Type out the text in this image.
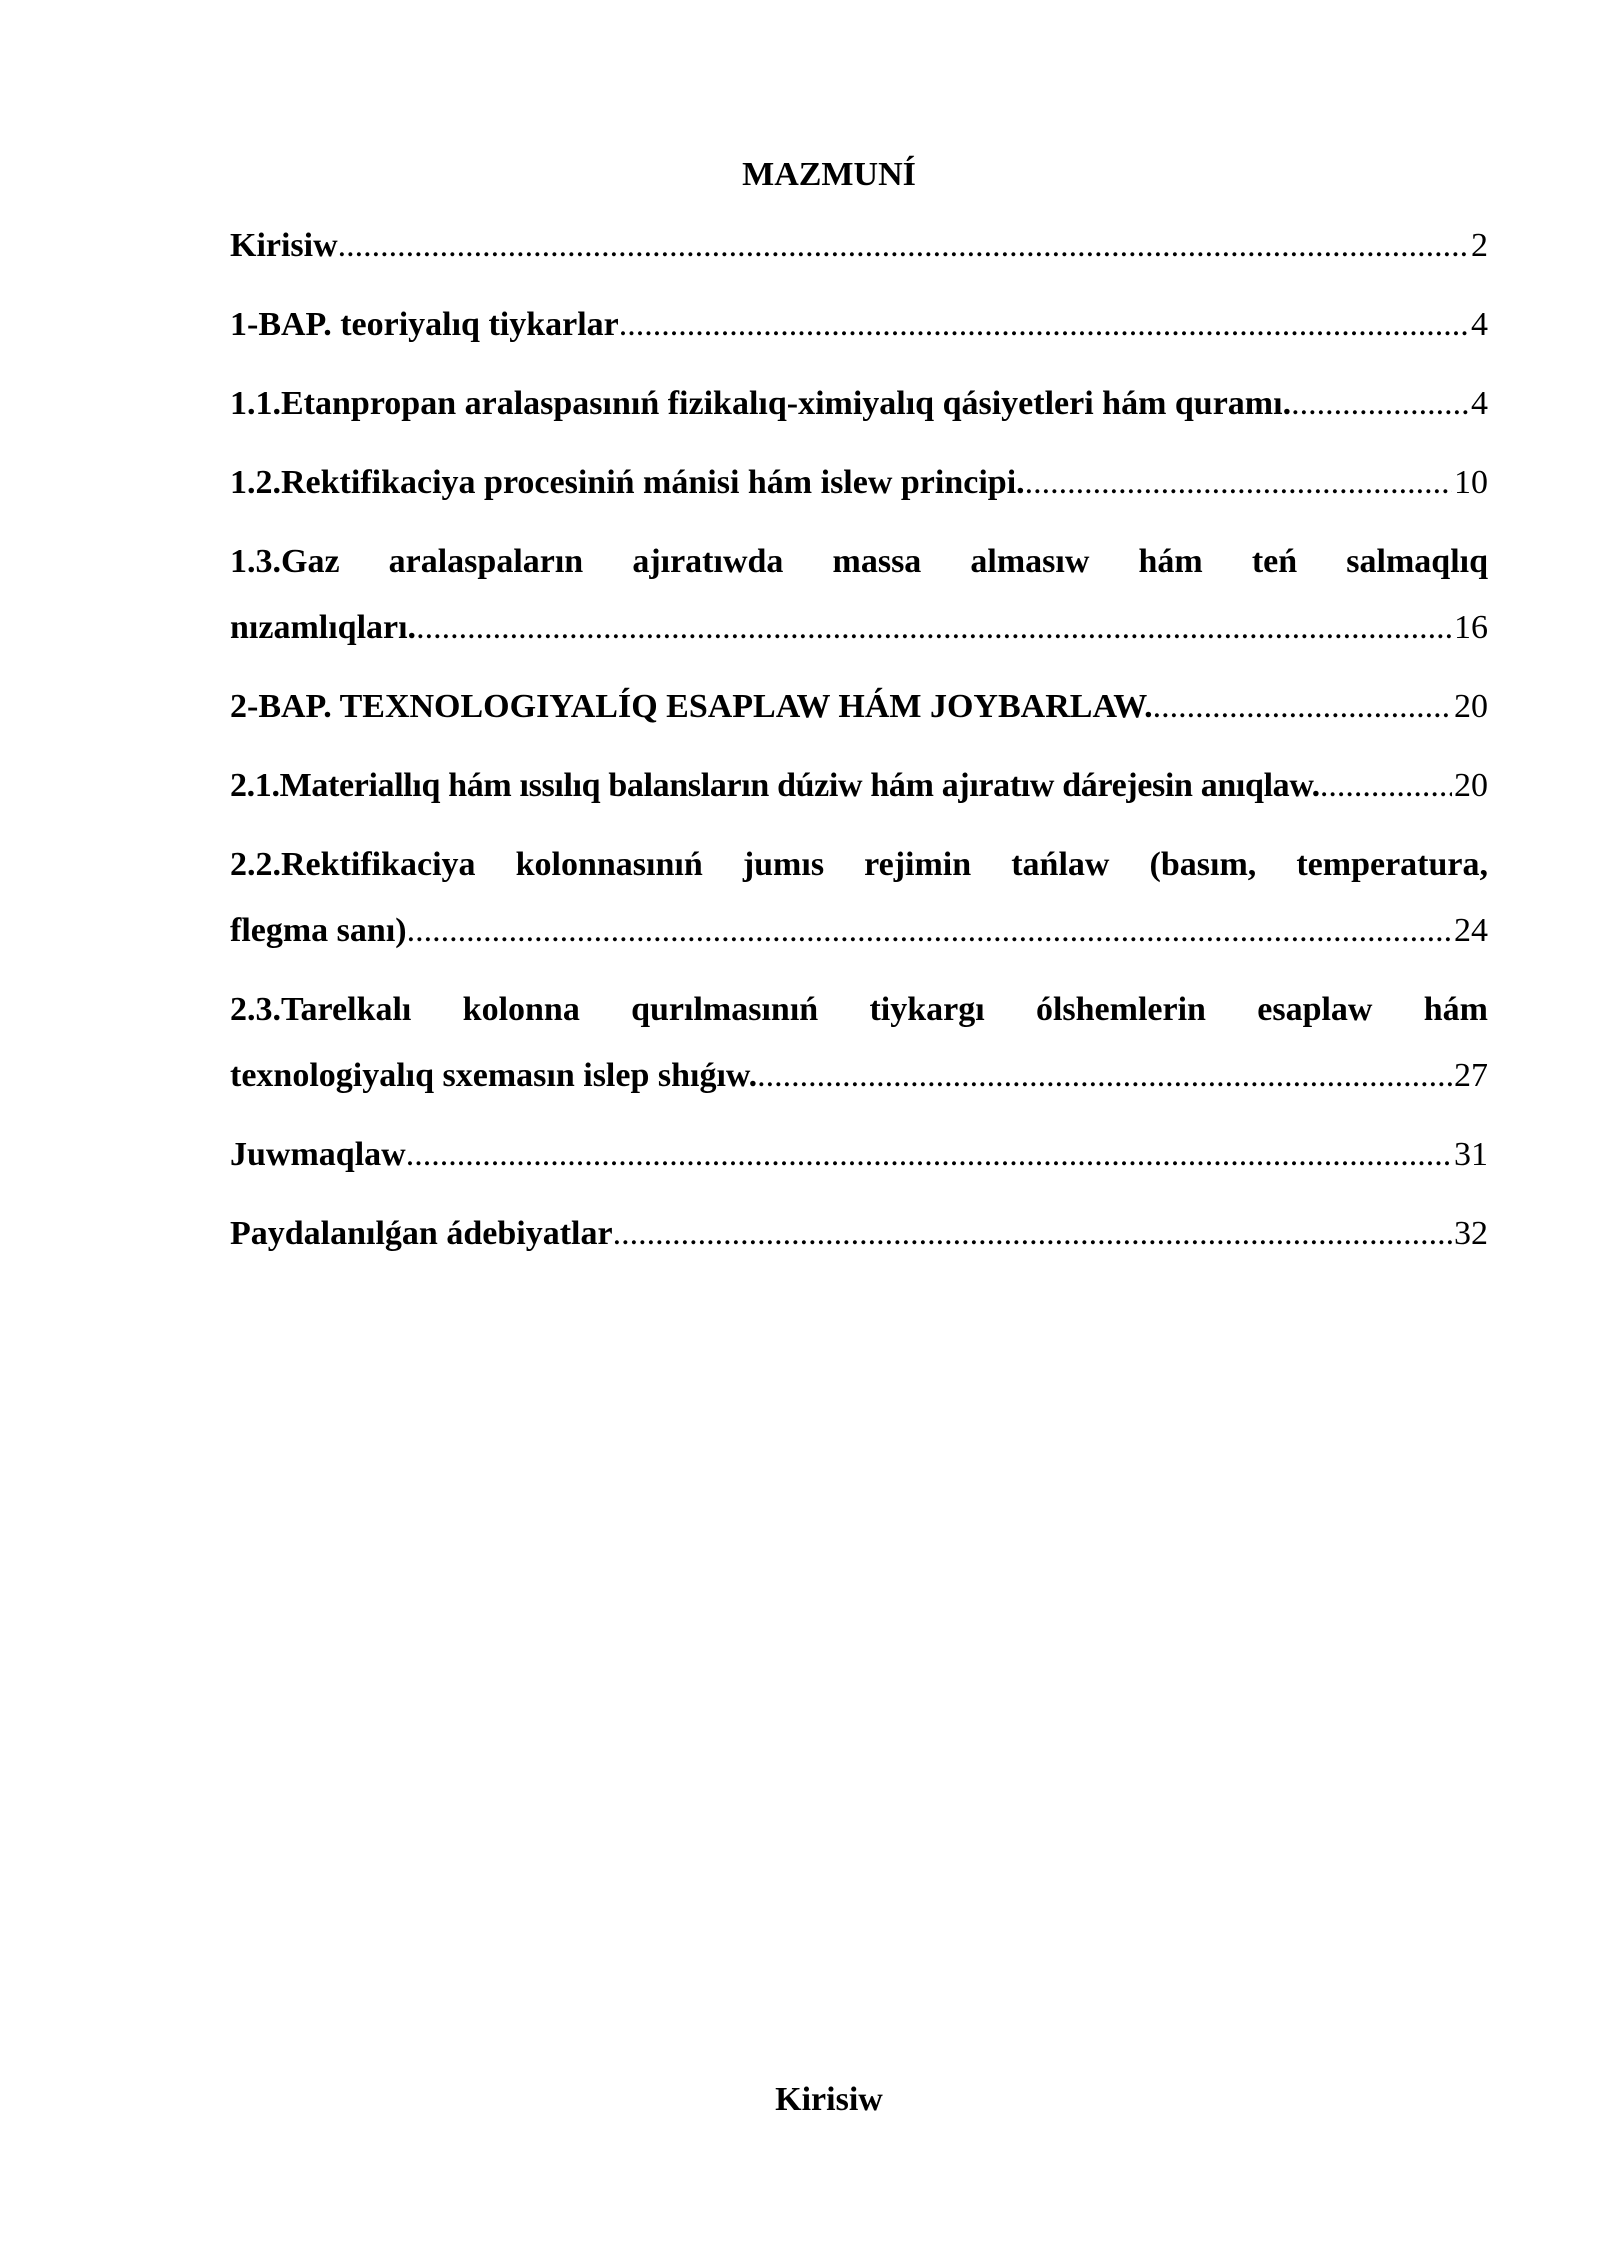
MAZMUNÍ
Kirisiw .....	2
1-BAP. teoriyalıq tiykarlar .....	4
1.1.Etanpropan aralaspasınıń fizikalıq-ximiyalıq qásiyetleri hám quramı. .....	4
1.2.Rektifikaciya procesiniń mánisi hám islew principi. .....	10
1.3.Gaz aralaspaların ajıratıwda massa almasıw hám teń salmaqlıq
nızamlıqları. .....	16
2-BAP. TEXNOLOGIYALÍQ ESAPLAW HÁM JOYBARLAW. .....	20
2.1.Materiallıq hám ıssılıq balansların dúziw hám ajıratıw dárejesin anıqlaw. .....	20
2.2.Rektifikaciya kolonnasınıń jumıs rejimin tańlaw (basım, temperatura,
flegma sanı) .....	24
2.3.Tarelkalı kolonna qurılmasınıń tiykargı ólshemlerin esaplaw hám
texnologiyalıq sxemasın islep shıǵıw. .....	27
Juwmaqlaw .....	31
Paydalanılǵan ádebiyatlar .....	32
Kirisiw
